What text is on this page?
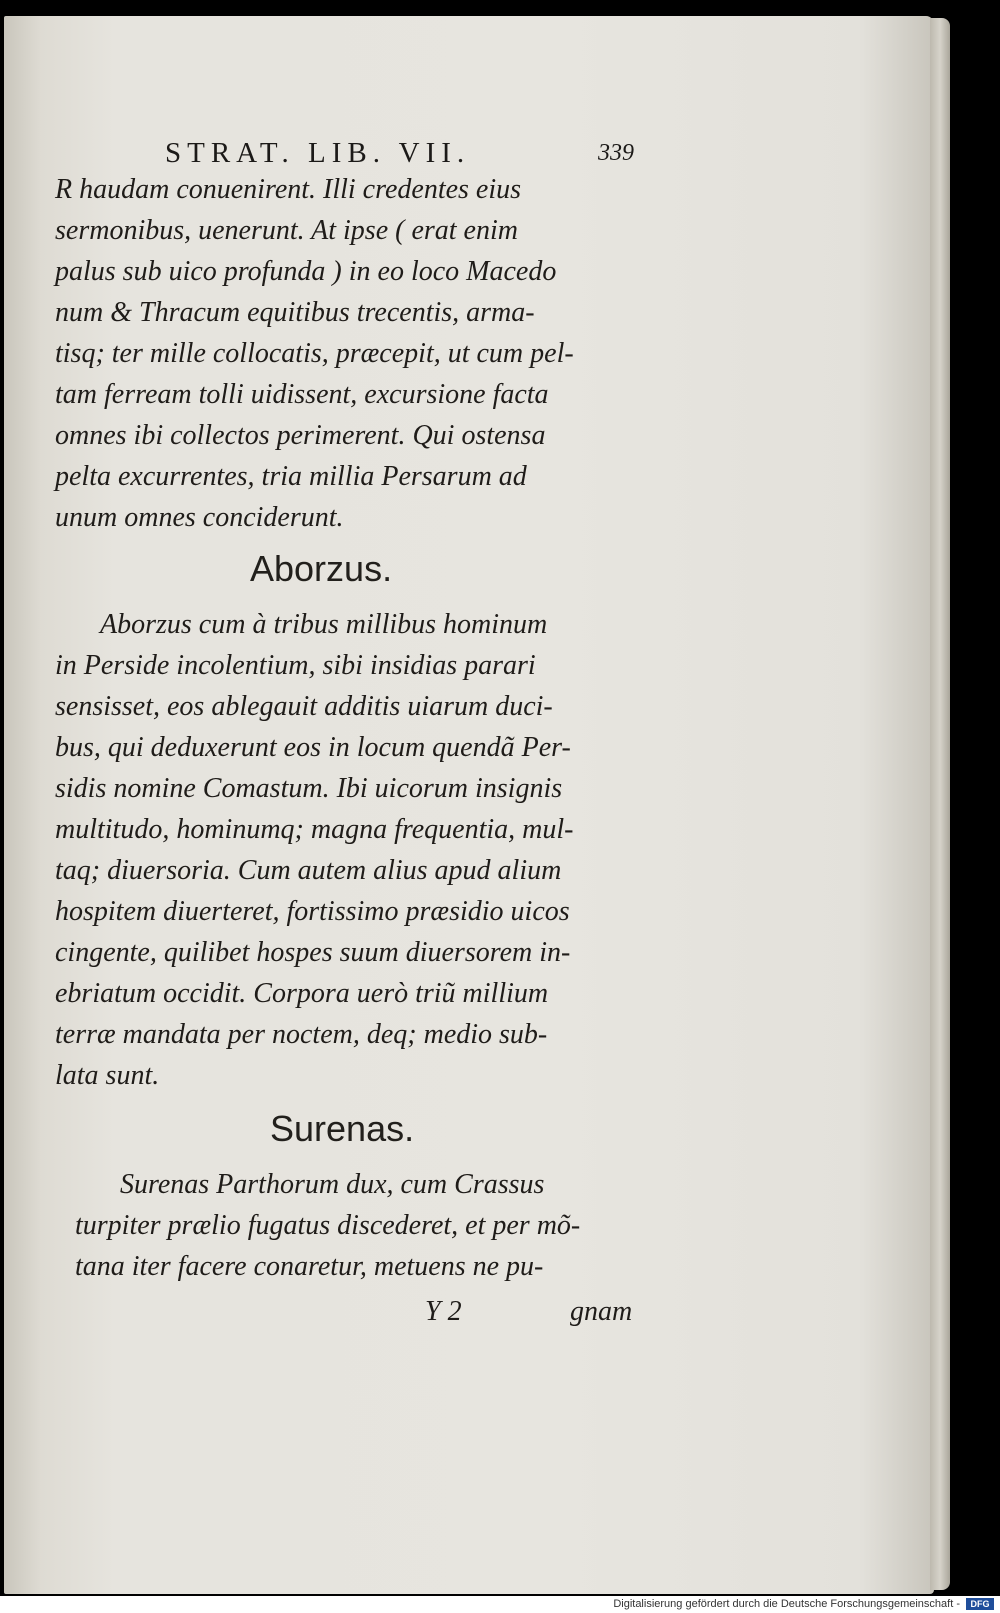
STRAT. LIB. VII.	339
R haudam conuenirent. Illi credentes eius
sermonibus, uenerunt. At ipse ( erat enim
palus sub uico profunda ) in eo loco Macedo
num & Thracum equitibus trecentis, arma-
tisq; ter mille collocatis, præcepit, ut cum pel-
tam ferream tolli uidissent, excursione facta
omnes ibi collectos perimerent. Qui ostensa
pelta excurrentes, tria millia Persarum ad
unum omnes conciderunt.
Aborzus.
Aborzus cum à tribus millibus hominum
in Perside incolentium, sibi insidias parari
sensisset, eos ablegauit additis uiarum duci-
bus, qui deduxerunt eos in locum quendã Per-
sidis nomine Comastum. Ibi uicorum insignis
multitudo, hominumq; magna frequentia, mul-
taq; diuersoria. Cum autem alius apud alium
hospitem diuerteret, fortissimo præsidio uicos
cingente, quilibet hospes suum diuersorem in-
ebriatum occidit. Corpora uerò triũ millium
terræ mandata per noctem, deq; medio sub-
lata sunt.
Surenas.
Surenas Parthorum dux, cum Crassus
turpiter prælio fugatus discederet, et per mõ-
tana iter facere conaretur, metuens ne pu-
Y 2	gnam
Digitalisierung gefördert durch die Deutsche Forschungsgemeinschaft -	DFG
